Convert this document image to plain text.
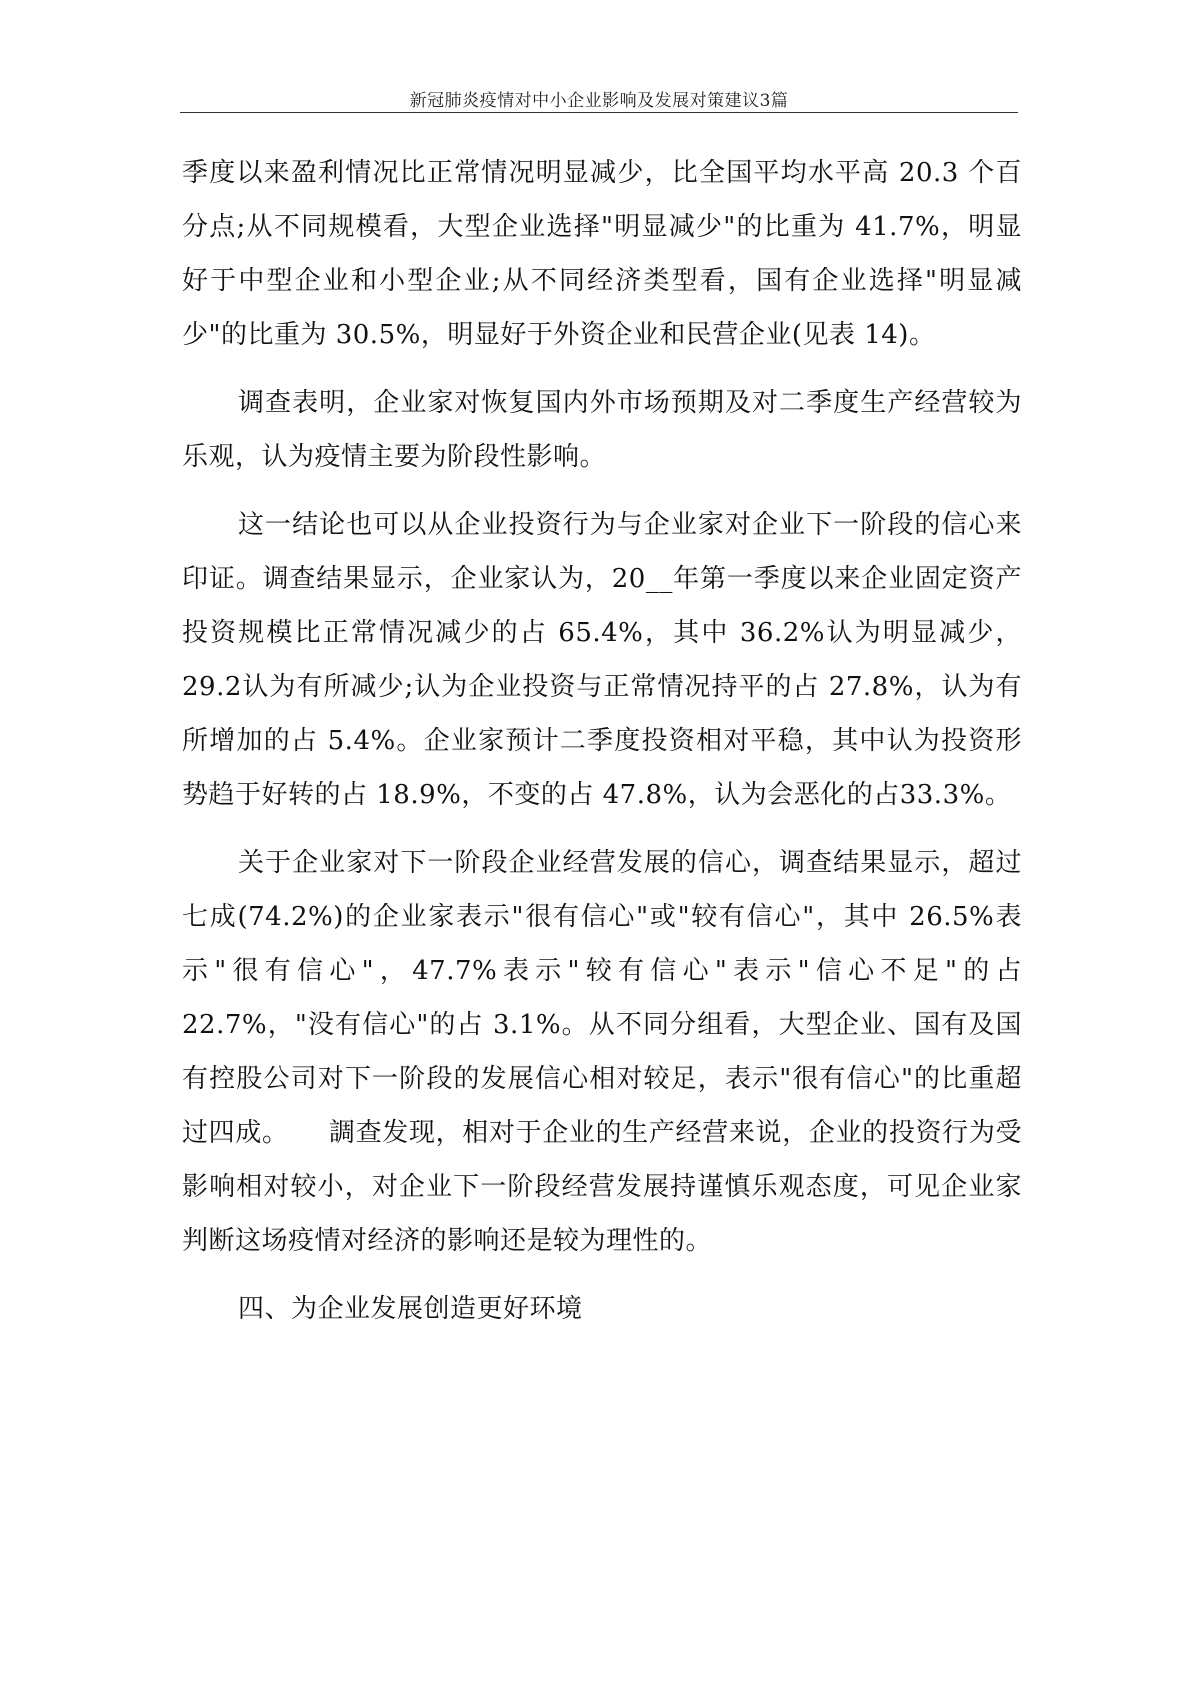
新冠肺炎疫情对中小企业影响及发展对策建议3篇

季度以来盈利情况比正常情况明显减少，比全国平均水平高 20.3 个百分点;从不同规模看，大型企业选择"明显减少"的比重为 41.7%，明显好于中型企业和小型企业;从不同经济类型看，国有企业选择"明显减少"的比重为 30.5%，明显好于外资企业和民营企业(见表 14)。

调查表明，企业家对恢复国内外市场预期及对二季度生产经营较为乐观，认为疫情主要为阶段性影响。

这一结论也可以从企业投资行为与企业家对企业下一阶段的信心来印证。调查结果显示，企业家认为，20__年第一季度以来企业固定资产投资规模比正常情况减少的占 65.4%，其中 36.2%认为明显减少，29.2认为有所减少;认为企业投资与正常情况持平的占 27.8%，认为有所增加的占 5.4%。企业家预计二季度投资相对平稳，其中认为投资形势趋于好转的占 18.9%，不变的占 47.8%，认为会恶化的占33.3%。

关于企业家对下一阶段企业经营发展的信心，调查结果显示，超过七成(74.2%)的企业家表示"很有信心"或"较有信心"，其中 26.5%表示"很有信心"，47.7%表示"较有信心"表示"信心不足"的占 22.7%，"没有信心"的占 3.1%。从不同分组看，大型企业、国有及国有控股公司对下一阶段的发展信心相对较足，表示"很有信心"的比重超过四成。　　調查发现，相对于企业的生产经营来说，企业的投资行为受影响相对较小，对企业下一阶段经营发展持谨慎乐观态度，可见企业家判断这场疫情对经济的影响还是较为理性的。

四、为企业发展创造更好环境
